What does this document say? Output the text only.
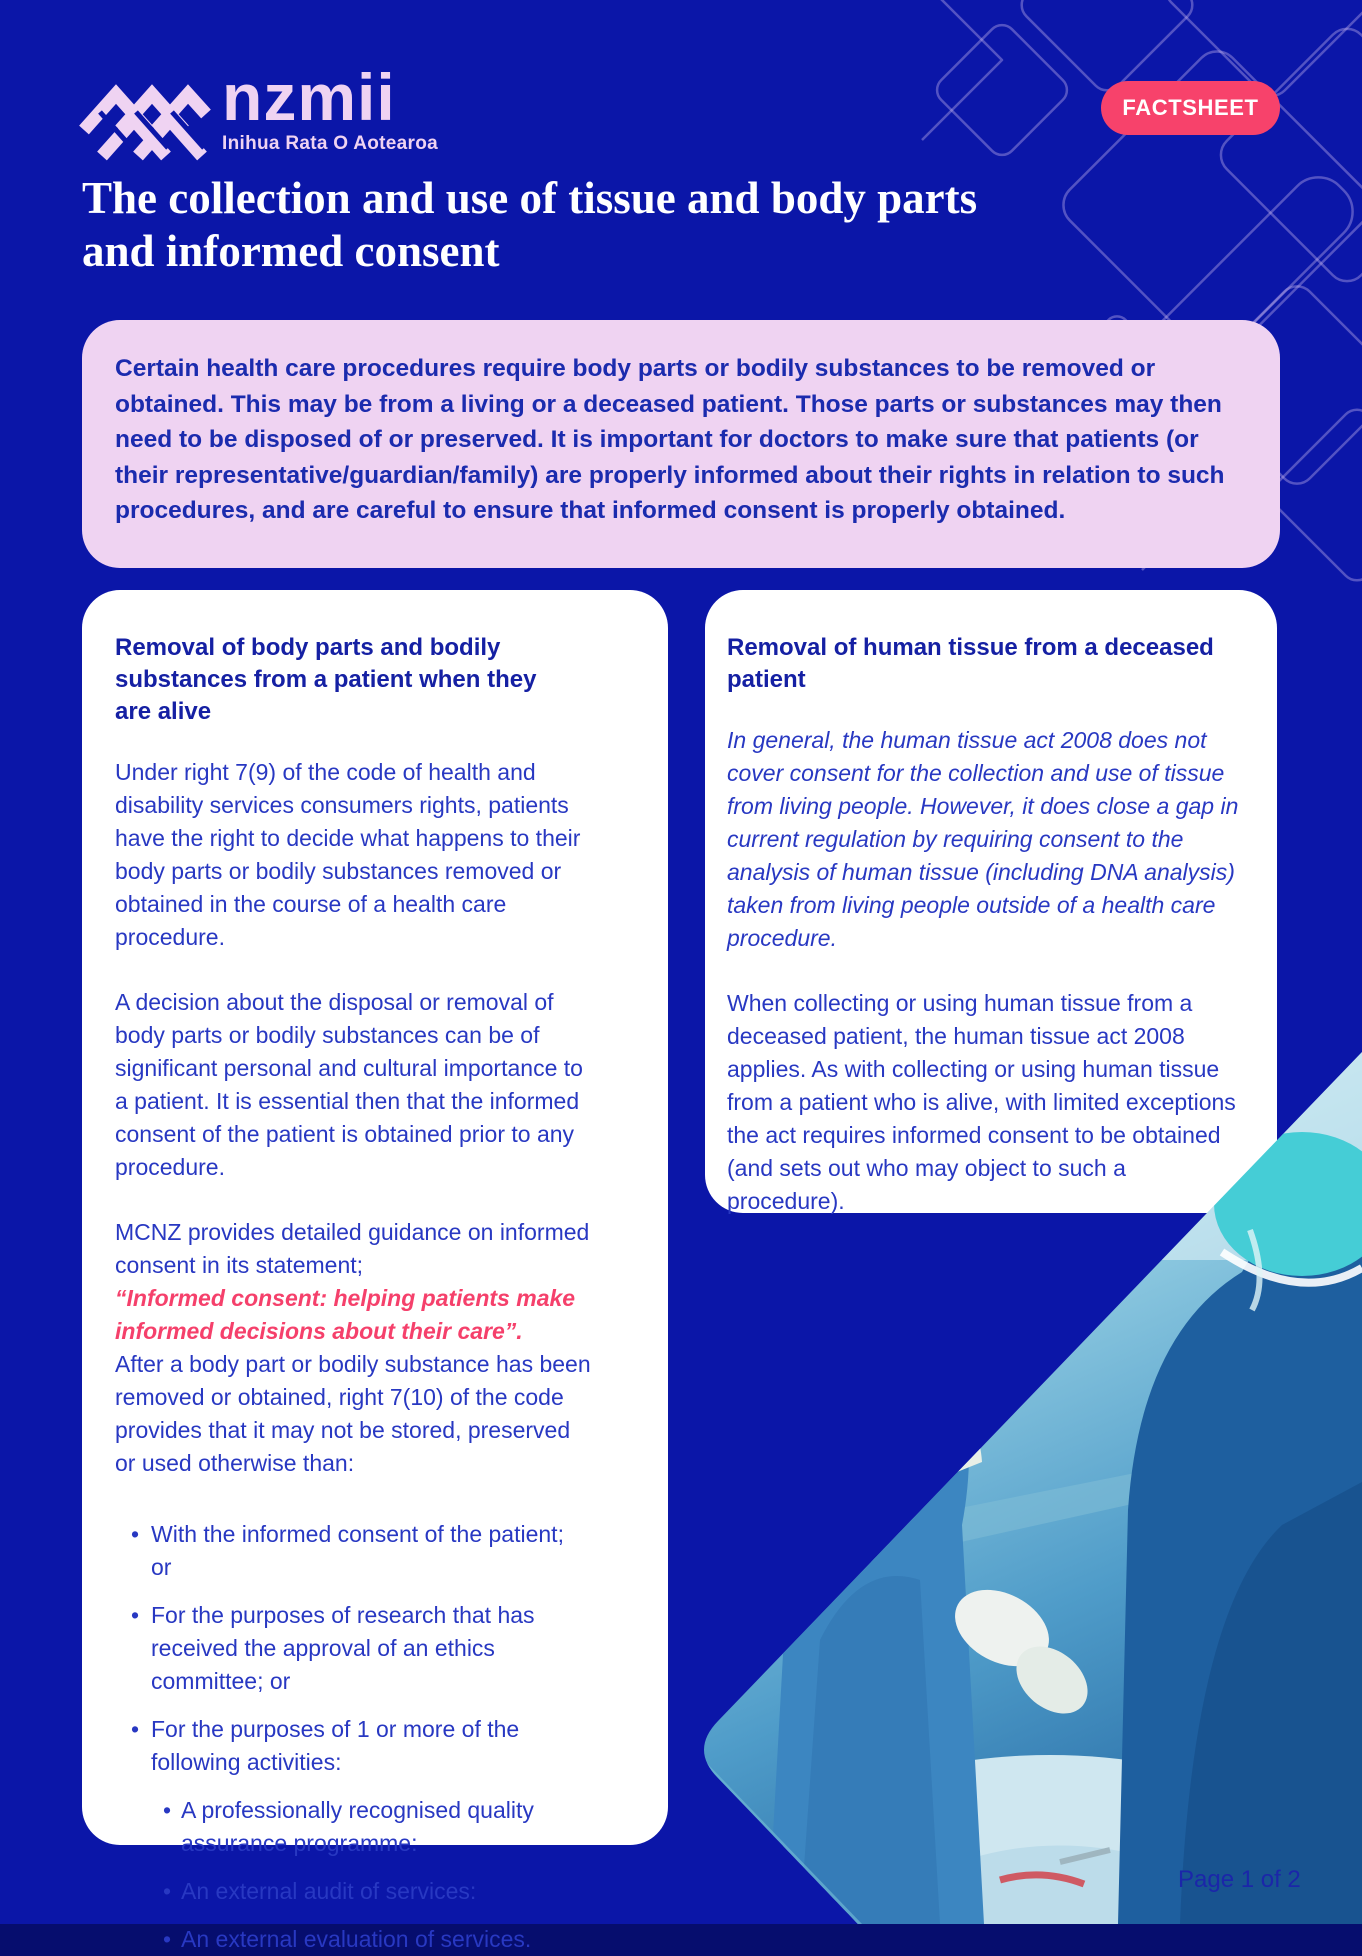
nzmii
Inihua Rata O Aotearoa
FACTSHEET
The collection and use of tissue and body parts
and informed consent

Certain health care procedures require body parts or bodily substances to be removed or obtained. This may be from a living or a deceased patient. Those parts or substances may then need to be disposed of or preserved. It is important for doctors to make sure that patients (or their representative/guardian/family) are properly informed about their rights in relation to such procedures, and are careful to ensure that informed consent is properly obtained.

Removal of body parts and bodily substances from a patient when they are alive

Under right 7(9) of the code of health and disability services consumers rights, patients have the right to decide what happens to their body parts or bodily substances removed or obtained in the course of a health care procedure.

A decision about the disposal or removal of body parts or bodily substances can be of significant personal and cultural importance to a patient. It is essential then that the informed consent of the patient is obtained prior to any procedure.

MCNZ provides detailed guidance on informed consent in its statement;
“Informed consent: helping patients make informed decisions about their care”.
After a body part or bodily substance has been removed or obtained, right 7(10) of the code provides that it may not be stored, preserved or used otherwise than:

• With the informed consent of the patient; or
• For the purposes of research that has received the approval of an ethics committee; or
• For the purposes of 1 or more of the following activities:
• A professionally recognised quality assurance programme:
• An external audit of services:
• An external evaluation of services.
Removal of human tissue from a deceased patient

In general, the human tissue act 2008 does not cover consent for the collection and use of tissue from living people. However, it does close a gap in current regulation by requiring consent to the analysis of human tissue (including DNA analysis) taken from living people outside of a health care procedure.

When collecting or using human tissue from a deceased patient, the human tissue act 2008 applies. As with collecting or using human tissue from a patient who is alive, with limited exceptions the act requires informed consent to be obtained (and sets out who may object to such a procedure).

Page 1 of 2
